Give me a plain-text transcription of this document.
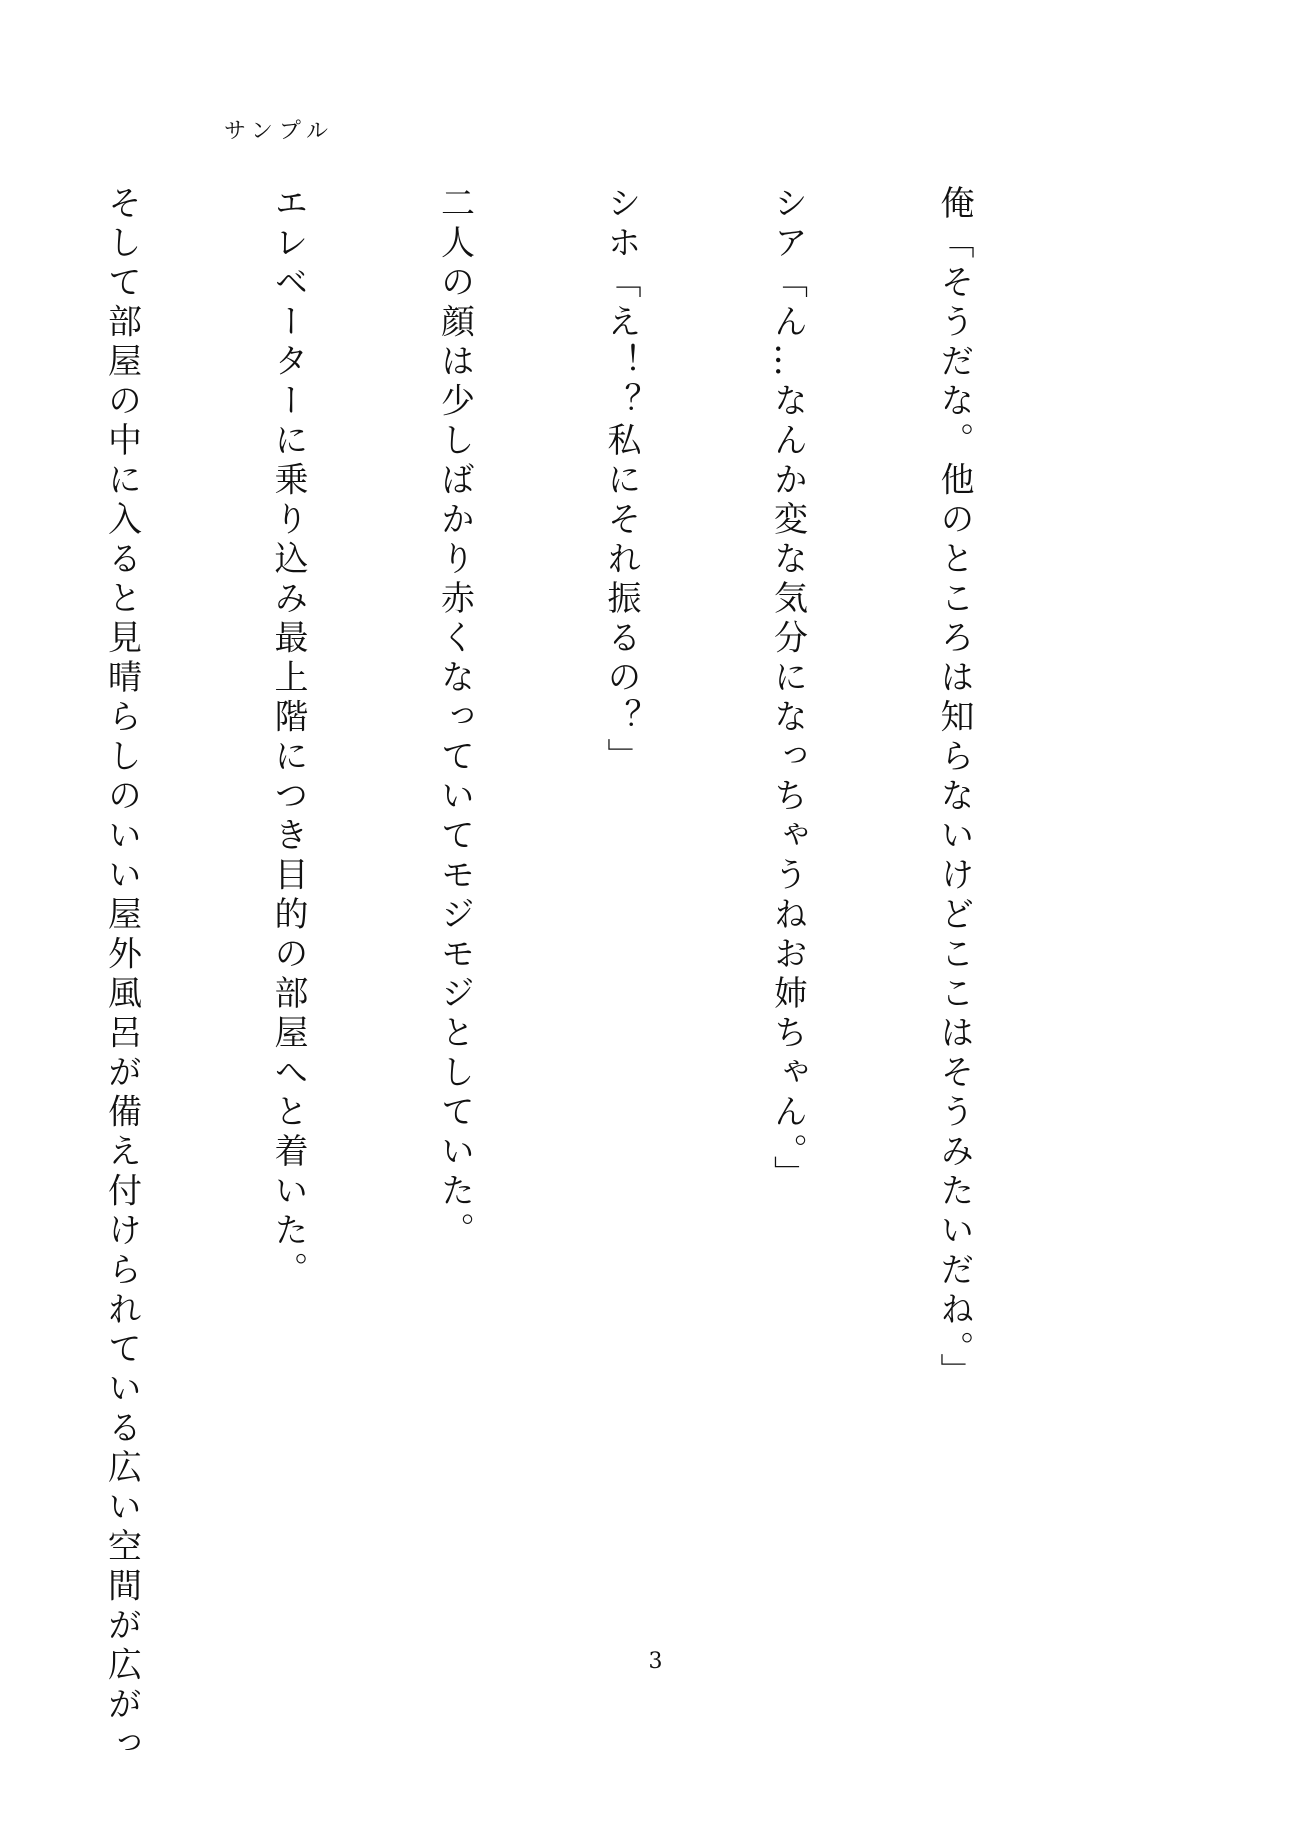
サンプル

俺「そうだな。他のところは知らないけどここはそうみたいだね。」

シア「ん…なんか変な気分になっちゃうねお姉ちゃん。」

シホ「え！？私にそれ振るの？」

二人の顔は少しばかり赤くなっていてモジモジとしていた。

エレベーターに乗り込み最上階につき目的の部屋へと着いた。

そして部屋の中に入ると見晴らしのいい屋外風呂が備え付けられている広い空間が広がっ

	3
